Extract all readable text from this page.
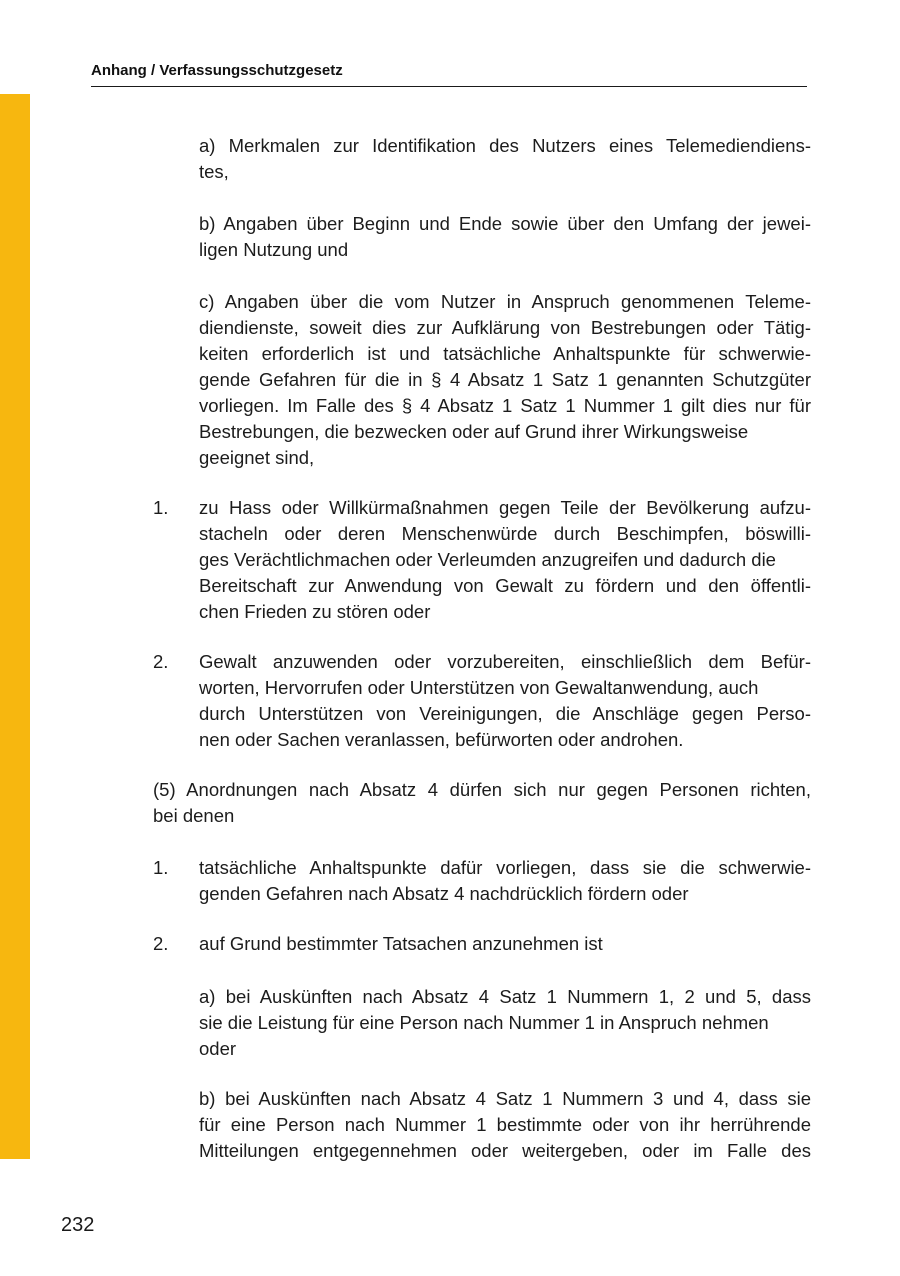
Anhang / Verfassungsschutzgesetz
a) Merkmalen zur Identifikation des Nutzers eines Telemediendiens-
tes,
b) Angaben über Beginn und Ende sowie über den Umfang der jewei-
ligen Nutzung und
c) Angaben über die vom Nutzer in Anspruch genommenen Teleme-
diendienste, soweit dies zur Aufklärung von Bestrebungen oder Tätig-
keiten erforderlich ist und tatsächliche Anhaltspunkte für schwerwie-
gende Gefahren für die in § 4 Absatz 1 Satz 1 genannten Schutzgüter
vorliegen. Im Falle des § 4 Absatz 1 Satz 1 Nummer 1 gilt dies nur für
Bestrebungen, die bezwecken oder auf Grund ihrer Wirkungsweise
geeignet sind,
1. zu Hass oder Willkürmaßnahmen gegen Teile der Bevölkerung aufzu-
stacheln oder deren Menschenwürde durch Beschimpfen, böswilli-
ges Verächtlichmachen oder Verleumden anzugreifen und dadurch die
Bereitschaft zur Anwendung von Gewalt zu fördern und den öffentli-
chen Frieden zu stören oder
2. Gewalt anzuwenden oder vorzubereiten, einschließlich dem Befür-
worten, Hervorrufen oder Unterstützen von Gewaltanwendung, auch
durch Unterstützen von Vereinigungen, die Anschläge gegen Perso-
nen oder Sachen veranlassen, befürworten oder androhen.
(5) Anordnungen nach Absatz 4 dürfen sich nur gegen Personen richten,
bei denen
1. tatsächliche Anhaltspunkte dafür vorliegen, dass sie die schwerwie-
genden Gefahren nach Absatz 4 nachdrücklich fördern oder
2. auf Grund bestimmter Tatsachen anzunehmen ist
a) bei Auskünften nach Absatz 4 Satz 1 Nummern 1, 2 und 5, dass
sie die Leistung für eine Person nach Nummer 1 in Anspruch nehmen
oder
b) bei Auskünften nach Absatz 4 Satz 1 Nummern 3 und 4, dass sie
für eine Person nach Nummer 1 bestimmte oder von ihr herrührende
Mitteilungen entgegennehmen oder weitergeben, oder im Falle des
232
